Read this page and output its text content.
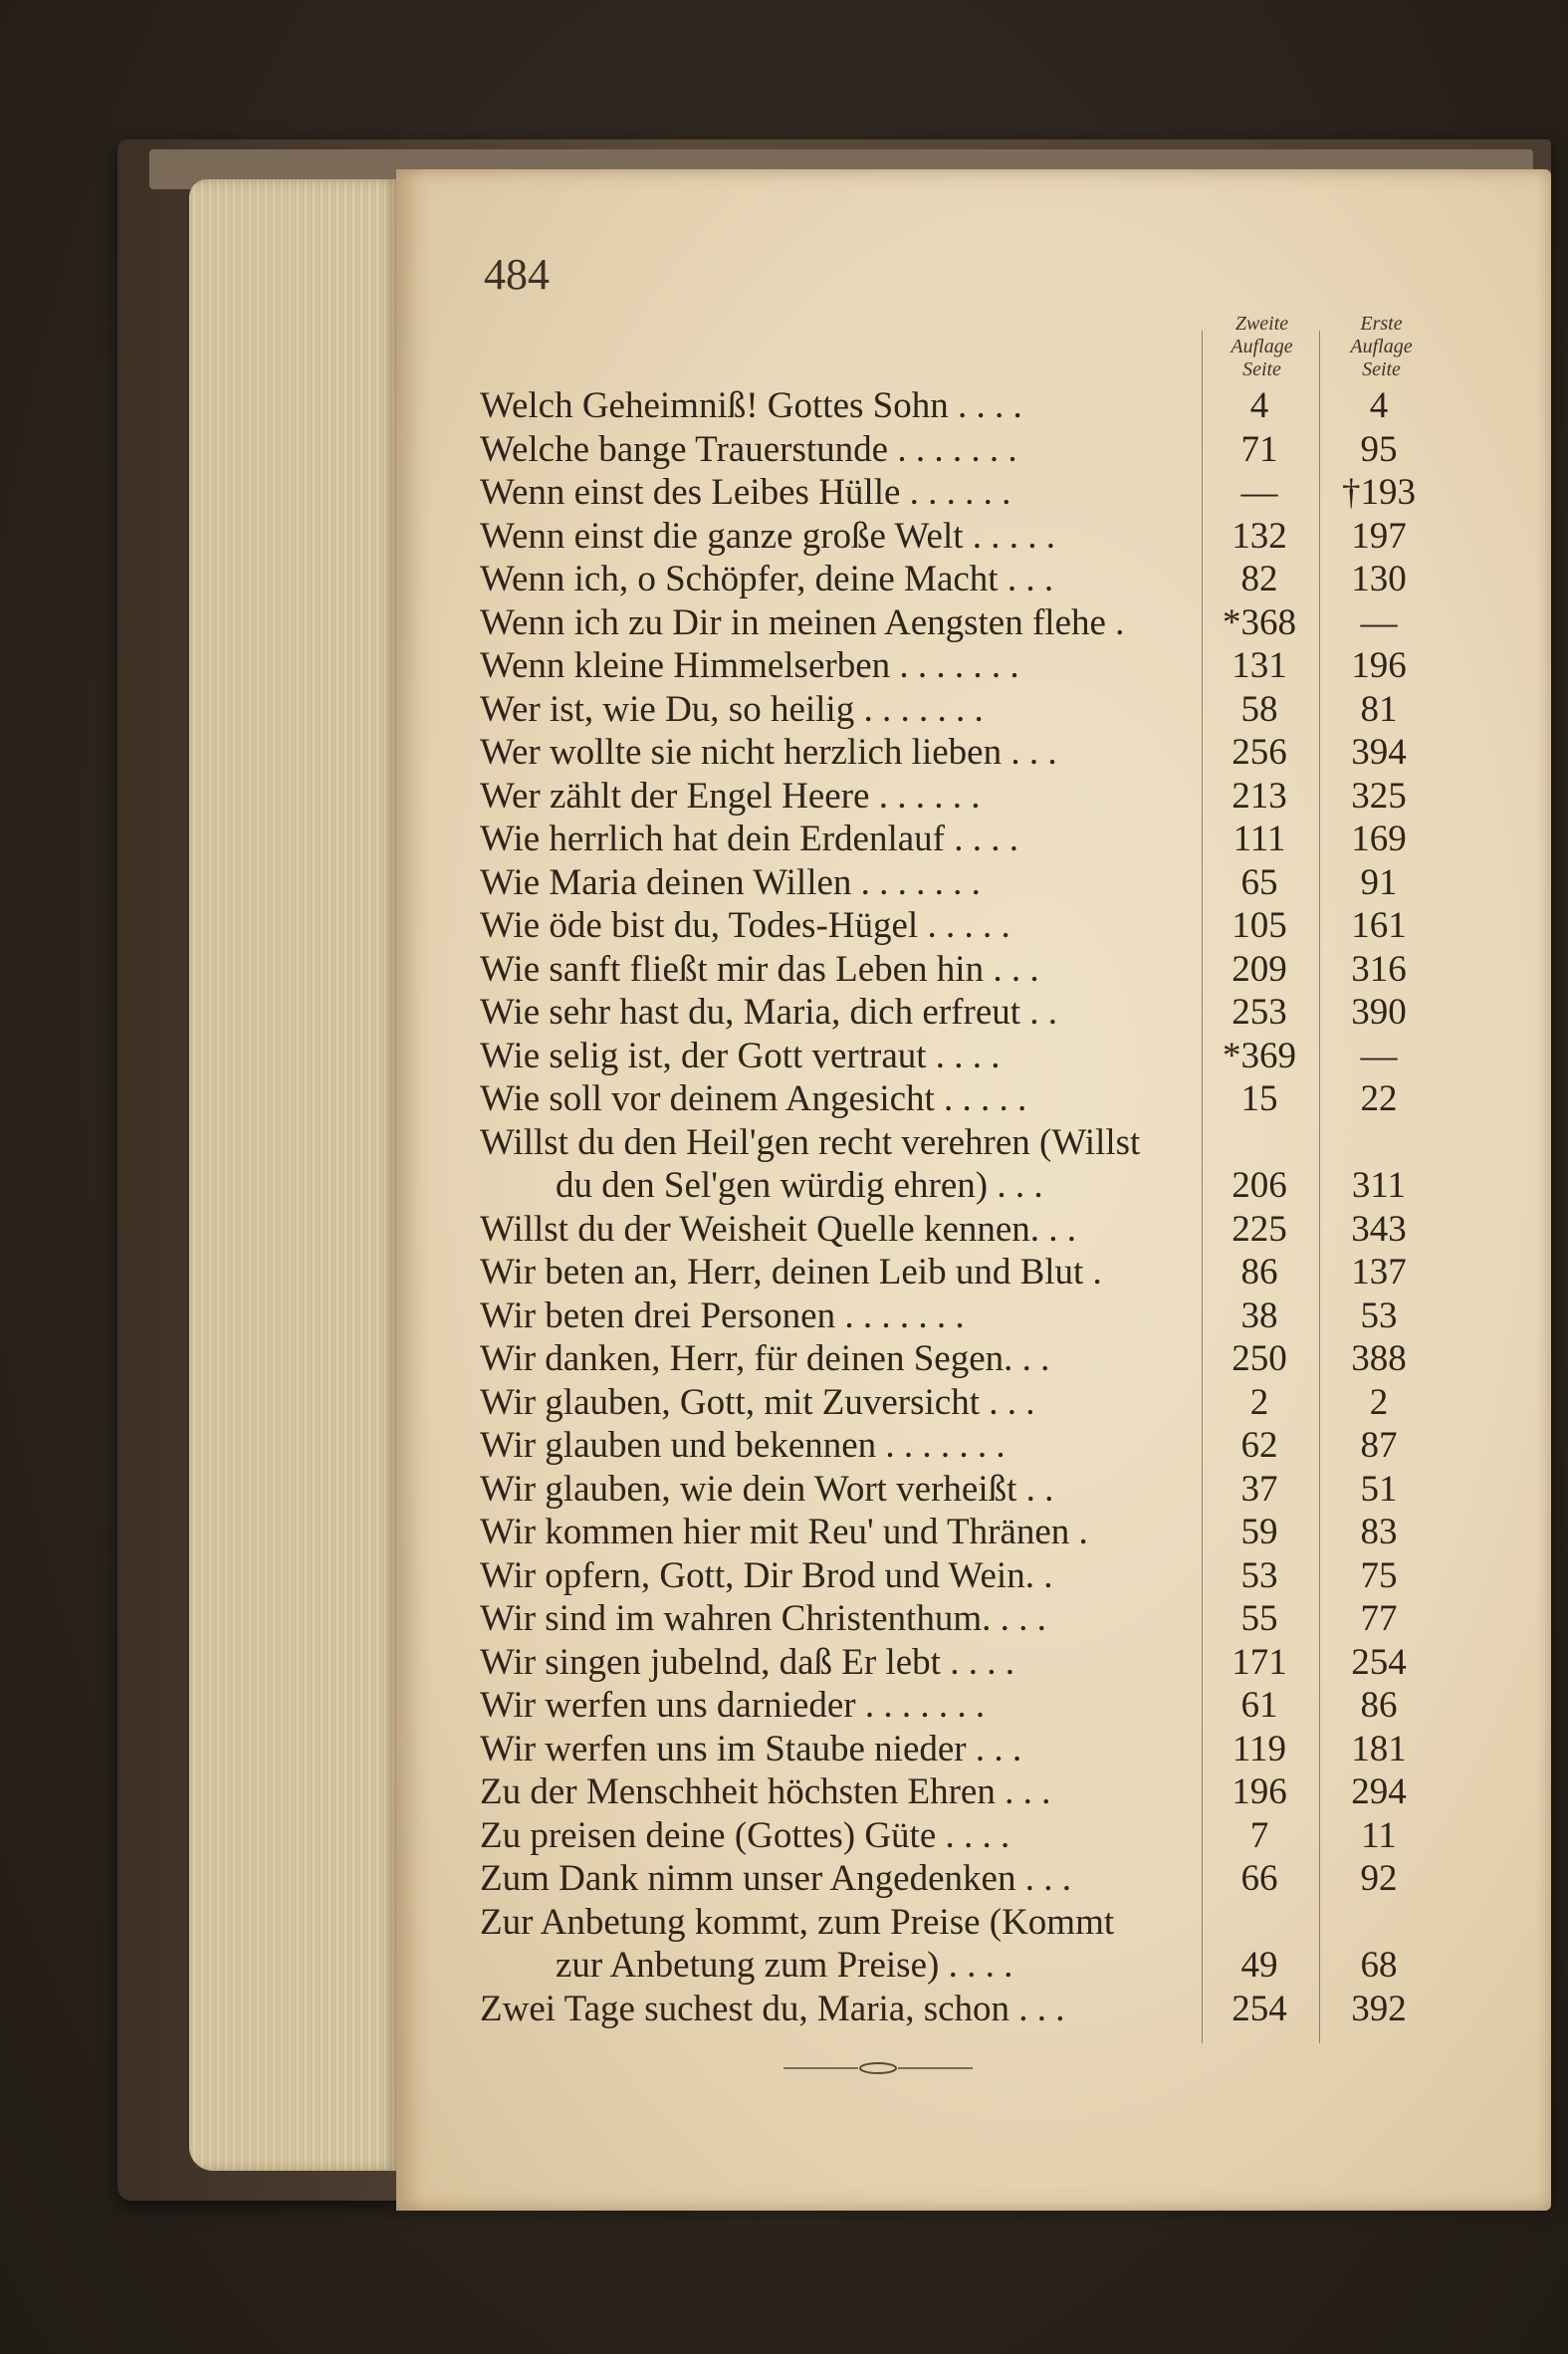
484
Zweite
Auflage
Seite
Erste
Auflage
Seite
Welch Geheimniß! Gottes Sohn . . . .	4	4
Welche bange Trauerstunde . . . . . . .	71	95
Wenn einst des Leibes Hülle . . . . . .	—	†193
Wenn einst die ganze große Welt . . . . .	132	197
Wenn ich, o Schöpfer, deine Macht . . .	82	130
Wenn ich zu Dir in meinen Aengsten flehe .	*368	—
Wenn kleine Himmelserben . . . . . . .	131	196
Wer ist, wie Du, so heilig . . . . . . .	58	81
Wer wollte sie nicht herzlich lieben . . .	256	394
Wer zählt der Engel Heere . . . . . .	213	325
Wie herrlich hat dein Erdenlauf . . . .	111	169
Wie Maria deinen Willen . . . . . . .	65	91
Wie öde bist du, Todes-Hügel . . . . .	105	161
Wie sanft fließt mir das Leben hin . . .	209	316
Wie sehr hast du, Maria, dich erfreut . .	253	390
Wie selig ist, der Gott vertraut . . . .	*369	—
Wie soll vor deinem Angesicht . . . . .	15	22
Willst du den Heil'gen recht verehren (Willst
du den Sel'gen würdig ehren) . . .	206	311
Willst du der Weisheit Quelle kennen. . .	225	343
Wir beten an, Herr, deinen Leib und Blut .	86	137
Wir beten drei Personen . . . . . . .	38	53
Wir danken, Herr, für deinen Segen. . .	250	388
Wir glauben, Gott, mit Zuversicht . . .	2	2
Wir glauben und bekennen . . . . . . .	62	87
Wir glauben, wie dein Wort verheißt . .	37	51
Wir kommen hier mit Reu' und Thränen .	59	83
Wir opfern, Gott, Dir Brod und Wein. .	53	75
Wir sind im wahren Christenthum. . . .	55	77
Wir singen jubelnd, daß Er lebt . . . .	171	254
Wir werfen uns darnieder . . . . . . .	61	86
Wir werfen uns im Staube nieder . . .	119	181
Zu der Menschheit höchsten Ehren . . .	196	294
Zu preisen deine (Gottes) Güte . . . .	7	11
Zum Dank nimm unser Angedenken . . .	66	92
Zur Anbetung kommt, zum Preise (Kommt
zur Anbetung zum Preise) . . . .	49	68
Zwei Tage suchest du, Maria, schon . . .	254	392
